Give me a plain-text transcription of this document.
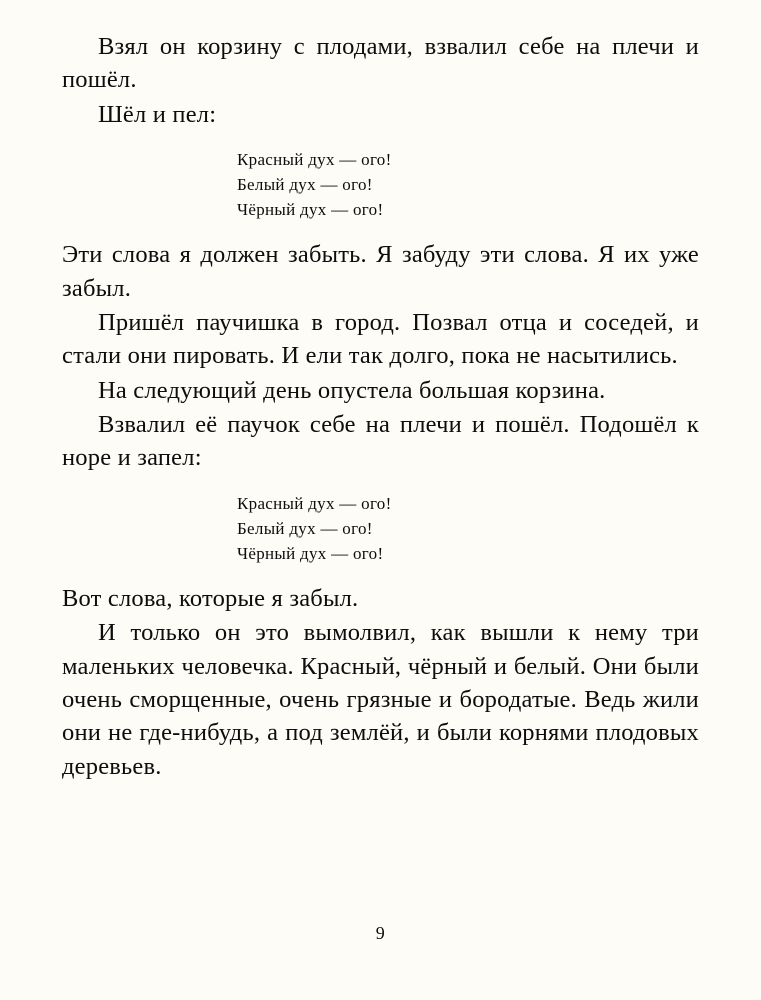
Взял он корзину с плодами, взвалил себе на плечи и пошёл.

Шёл и пел:

Красный дух — ого!
Белый дух — ого!
Чёрный дух — ого!

Эти слова я должен забыть. Я забуду эти слова. Я их уже забыл.

Пришёл паучишка в город. Позвал отца и соседей, и стали они пировать. И ели так долго, пока не насытились.

На следующий день опустела большая корзина.

Взвалил её паучок себе на плечи и пошёл. Подошёл к норе и запел:

Красный дух — ого!
Белый дух — ого!
Чёрный дух — ого!

Вот слова, которые я забыл.

И только он это вымолвил, как вышли к нему три маленьких человечка. Красный, чёрный и белый. Они были очень сморщенные, очень грязные и бородатые. Ведь жили они не где-нибудь, а под землёй, и были корнями плодовых деревьев.

9
